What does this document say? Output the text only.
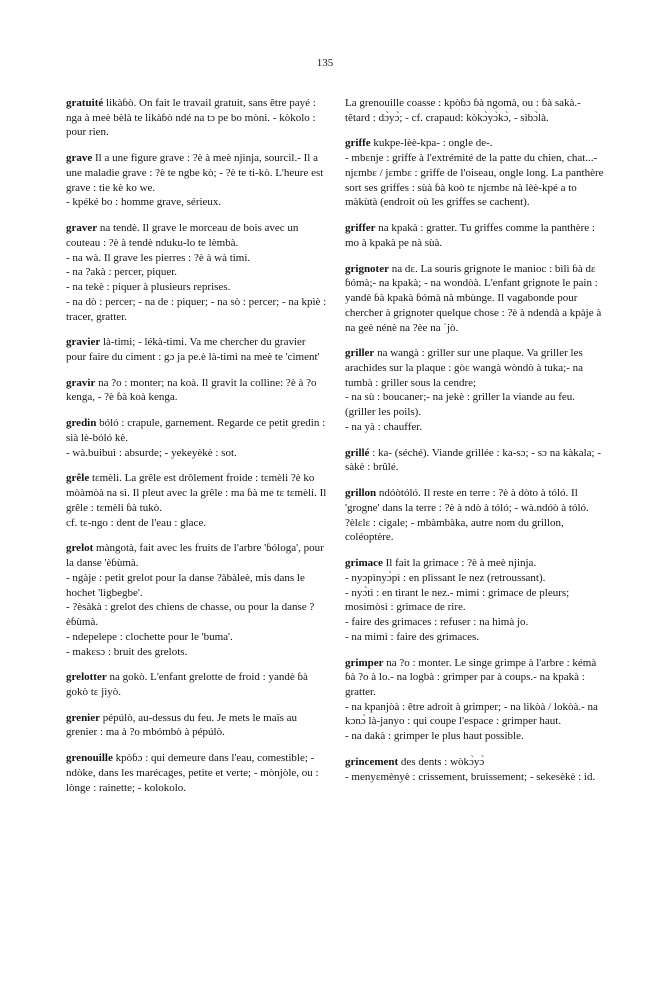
135

gratuité likàɓò. On fait le travail gratuit, sans être payé : nga à meè bèlà te likàɓò ndé na tɔ pe bo mòni. - kòkolo : pour rien.

grave Il a une figure grave : ?è à meè njinja, sourcil.- Il a une maladie grave : ?è te ngbe kò; - ?è te ti-kò. L'heure est grave : tie kè ko we.

- kpéké bo : homme grave, sérieux.

graver na tendè. Il grave le morceau de bois avec un couteau : ?è à tendè nduku-lo te lèmbà.

- na wà. Il grave les pierres : ?è à wà timi.

- na ?akà : percer, piquer.

- na tekè : piquer à plusieurs reprises.

- na dò : percer; - na de : piquer; - na sò : percer; - na kpìè : tracer, gratter.

gravier là-timi; - lékà-timi. Va me chercher du gravier pour faire du ciment : gɔ ja pe.è là-timi na meè te 'ciment'

gravir na ?o : monter; na koà. Il gravit la colline: ?è à ?o kenga, - ?è ɓà koà kenga.

gredin bóló : crapule, garnement. Regarde ce petit gredin : sià lè-bóló kè.

- wà.buibuì : absurde; - yekeyèkè : sot.

grêle tεmèli. La grêle est drôlement froide : tεmèli ?è ko mòàmòà na sì. Il pleut avec la grêle : ma ɓà me tε tεmèli. Il grêle : tεmèli ɓà tukò.

cf. tε-ngo : dent de l'eau : glace.

grelot màngotà, fait avec les fruits de l'arbre 'ɓóloga', pour la danse 'èɓùmà.

- ngàje : petit grelot pour la danse ?àbàleè, mis dans le hochet 'lìgbegbe'.

- ?èsàkà : grelot des chiens de chasse, ou pour la danse ?èɓùmà.

- ndepelepe : clochette pour le 'buma'.

- makεsɔ : bruit des grelots.

grelotter na gokò. L'enfant grelotte de froid : yandè ɓà gokò tε jìyò.

grenier pépúlò, au-dessus du feu. Je mets le maïs au grenier : ma à ?o mbómbò à pépúlò.

grenouille kpòɓɔ : qui demeure dans l'eau, comestible; - ndòke, dans les marécages, petite et verte; - mònjòle, ou : lònge : rainette; - kolokolo.

La grenouille coasse : kpòɓɔ ɓà ngomà, ou : ɓà sakà.- têtard : dɔ̀yɔ̀; - cf. crapaud: kòkɔ̀yɔ̀kɔ̀, - sìbɔ̀là.

griffe kukpe-lèè-kpa- : ongle de-.

- mbεnje : griffe à l'extrémité de la patte du chien, chat...- njεmbε / jεmbε : griffe de l'oiseau, ongle long. La panthère sort ses griffes : sùà ɓà koò tε njεmbε nà lèè-kpé a to màkùtà (endroit où les griffes se cachent).

griffer na kpakà : gratter. Tu griffes comme la panthère : mo à kpakà pe nà sùà.

grignoter na dε. La souris grignote le manioc : bìlì ɓà dε ɓómà;- na kpakà; - na wondòà. L'enfant grignote le pain : yandè ɓà kpakà ɓómà nà mbùnge. Il vagabonde pour chercher à grignoter quelque chose : ?è à ndendà a kpàje à na geè nénè na ?èe na ´jò.

griller na wangà : griller sur une plaque. Va griller les arachides sur la plaque : gòε wangà wòndò à tuka;- na tumbà : griller sous la cendre;

- na sù : boucaner;- na jekè : griller la viande au feu. (griller les poils).

- na yà : chauffer.

grillé : ka- (séché). Viande grillée : ka-sɔ; - sɔ na kàkala; - sàkè : brûlé.

grillon ndóòtóló. Il reste en terre : ?è à dòto à tóló. Il 'grogne' dans la terre : ?è à ndò à tóló; - wà.ndóò à tóló.

?èlεlε : cigale; - mbàmbàka, autre nom du grillon, coléoptère.

grimace Il fait la grimace : ?è à meè njinja.

- nyɔpìnyɔ̀pì : en plissant le nez (retroussant).

- nyɔ̀tì : en tirant le nez.- mimi : grimace de pleurs; mosimòsì : grimace de rire.

- faire des grimaces : refuser : na himà jo.

- na mimì : faire des grimaces.

grimper na ?o : monter. Le singe grimpe à l'arbre : kémà ɓà ?o à lo.- na logbà : grimper par à coups.- na kpakà : gratter.

- na kpanjòà : être adroit à grimper; - na likòà / lokòà.- na kɔnɔ̀ là-janyo : qui coupe l'espace : grimper haut.

- na dakà : grimper le plus haut possible.

grincement des dents : wòkɔ̀yɔ̀

- menyεmènyè : crissement, bruissement; - sekesèkè : id.
